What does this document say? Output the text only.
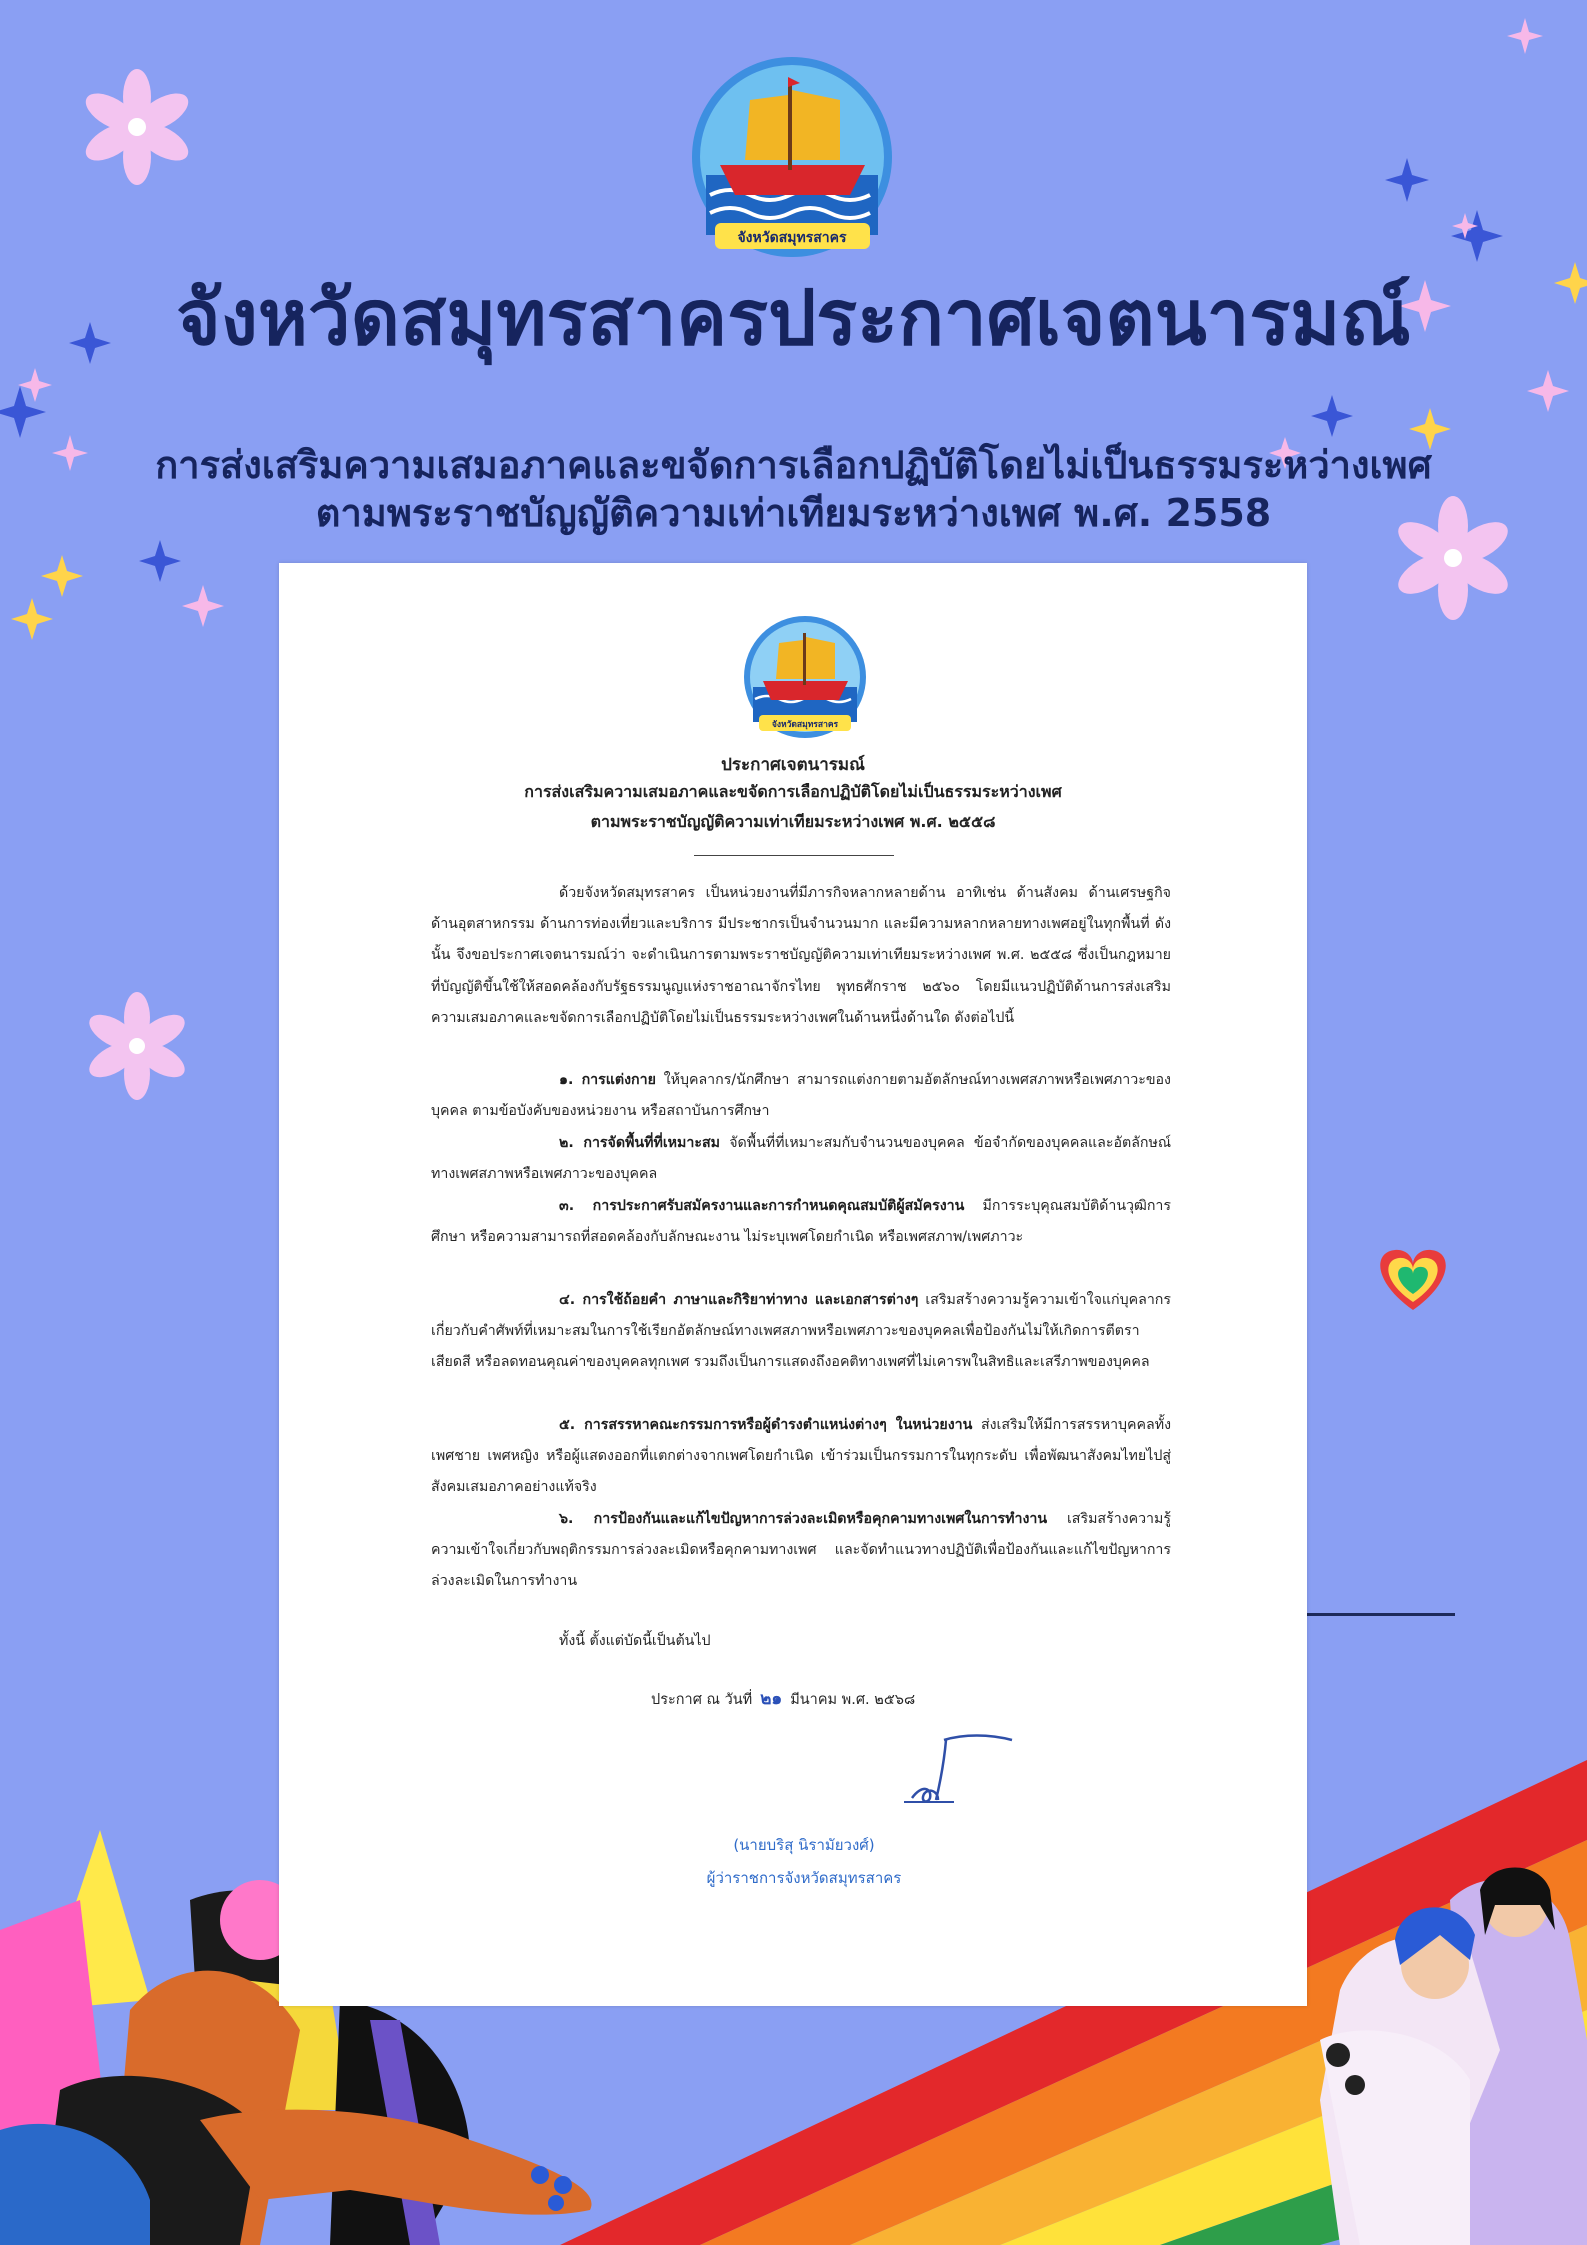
จังหวัดสมุทรสาคร
จังหวัดสมุทรสาครประกาศเจตนารมณ์

การส่งเสริมความเสมอภาคและขจัดการเลือกปฏิบัติโดยไม่เป็นธรรมระหว่างเพศ

ตามพระราชบัญญัติความเท่าเทียมระหว่างเพศ พ.ศ. 2558

จังหวัดสมุทรสาคร

ประกาศเจตนารมณ์

การส่งเสริมความเสมอภาคและขจัดการเลือกปฏิบัติโดยไม่เป็นธรรมระหว่างเพศ

ตามพระราชบัญญัติความเท่าเทียมระหว่างเพศ พ.ศ. ๒๕๕๘

ด้วยจังหวัดสมุทรสาคร เป็นหน่วยงานที่มีภารกิจหลากหลายด้าน อาทิเช่น ด้านสังคม ด้านเศรษฐกิจ ด้านอุตสาหกรรม ด้านการท่องเที่ยวและบริการ มีประชากรเป็นจำนวนมาก และมีความหลากหลายทางเพศอยู่ในทุกพื้นที่ ดังนั้น จึงขอประกาศเจตนารมณ์ว่า จะดำเนินการตามพระราชบัญญัติความเท่าเทียมระหว่างเพศ พ.ศ. ๒๕๕๘ ซึ่งเป็นกฎหมายที่บัญญัติขึ้นใช้ให้สอดคล้องกับรัฐธรรมนูญแห่งราชอาณาจักรไทย พุทธศักราช ๒๕๖๐ โดยมีแนวปฏิบัติด้านการส่งเสริมความเสมอภาคและขจัดการเลือกปฏิบัติโดยไม่เป็นธรรมระหว่างเพศในด้านหนึ่งด้านใด ดังต่อไปนี้

๑. การแต่งกาย ให้บุคลากร/นักศึกษา สามารถแต่งกายตามอัตลักษณ์ทางเพศสภาพหรือเพศภาวะของบุคคล ตามข้อบังคับของหน่วยงาน หรือสถาบันการศึกษา

๒. การจัดพื้นที่ที่เหมาะสม จัดพื้นที่ที่เหมาะสมกับจำนวนของบุคคล ข้อจำกัดของบุคคลและอัตลักษณ์ทางเพศสภาพหรือเพศภาวะของบุคคล

๓. การประกาศรับสมัครงานและการกำหนดคุณสมบัติผู้สมัครงาน มีการระบุคุณสมบัติด้านวุฒิการศึกษา หรือความสามารถที่สอดคล้องกับลักษณะงาน ไม่ระบุเพศโดยกำเนิด หรือเพศสภาพ/เพศภาวะ

๔. การใช้ถ้อยคำ ภาษาและกิริยาท่าทาง และเอกสารต่างๆ เสริมสร้างความรู้ความเข้าใจแก่บุคลากร เกี่ยวกับคำศัพท์ที่เหมาะสมในการใช้เรียกอัตลักษณ์ทางเพศสภาพหรือเพศภาวะของบุคคลเพื่อป้องกันไม่ให้เกิดการตีตรา เสียดสี หรือลดทอนคุณค่าของบุคคลทุกเพศ รวมถึงเป็นการแสดงถึงอคติทางเพศที่ไม่เคารพในสิทธิและเสรีภาพของบุคคล

๕. การสรรหาคณะกรรมการหรือผู้ดำรงตำแหน่งต่างๆ ในหน่วยงาน ส่งเสริมให้มีการสรรหาบุคคลทั้งเพศชาย เพศหญิง หรือผู้แสดงออกที่แตกต่างจากเพศโดยกำเนิด เข้าร่วมเป็นกรรมการในทุกระดับ เพื่อพัฒนาสังคมไทยไปสู่สังคมเสมอภาคอย่างแท้จริง

๖. การป้องกันและแก้ไขปัญหาการล่วงละเมิดหรือคุกคามทางเพศในการทำงาน เสริมสร้างความรู้ ความเข้าใจเกี่ยวกับพฤติกรรมการล่วงละเมิดหรือคุกคามทางเพศ และจัดทำแนวทางปฏิบัติเพื่อป้องกันและแก้ไขปัญหาการล่วงละเมิดในการทำงาน

ทั้งนี้ ตั้งแต่บัดนี้เป็นต้นไป

ประกาศ ณ วันที่ ๒๑ มีนาคม พ.ศ. ๒๕๖๘

(นายบริสุ นิรามัยวงศ์)

ผู้ว่าราชการจังหวัดสมุทรสาคร
